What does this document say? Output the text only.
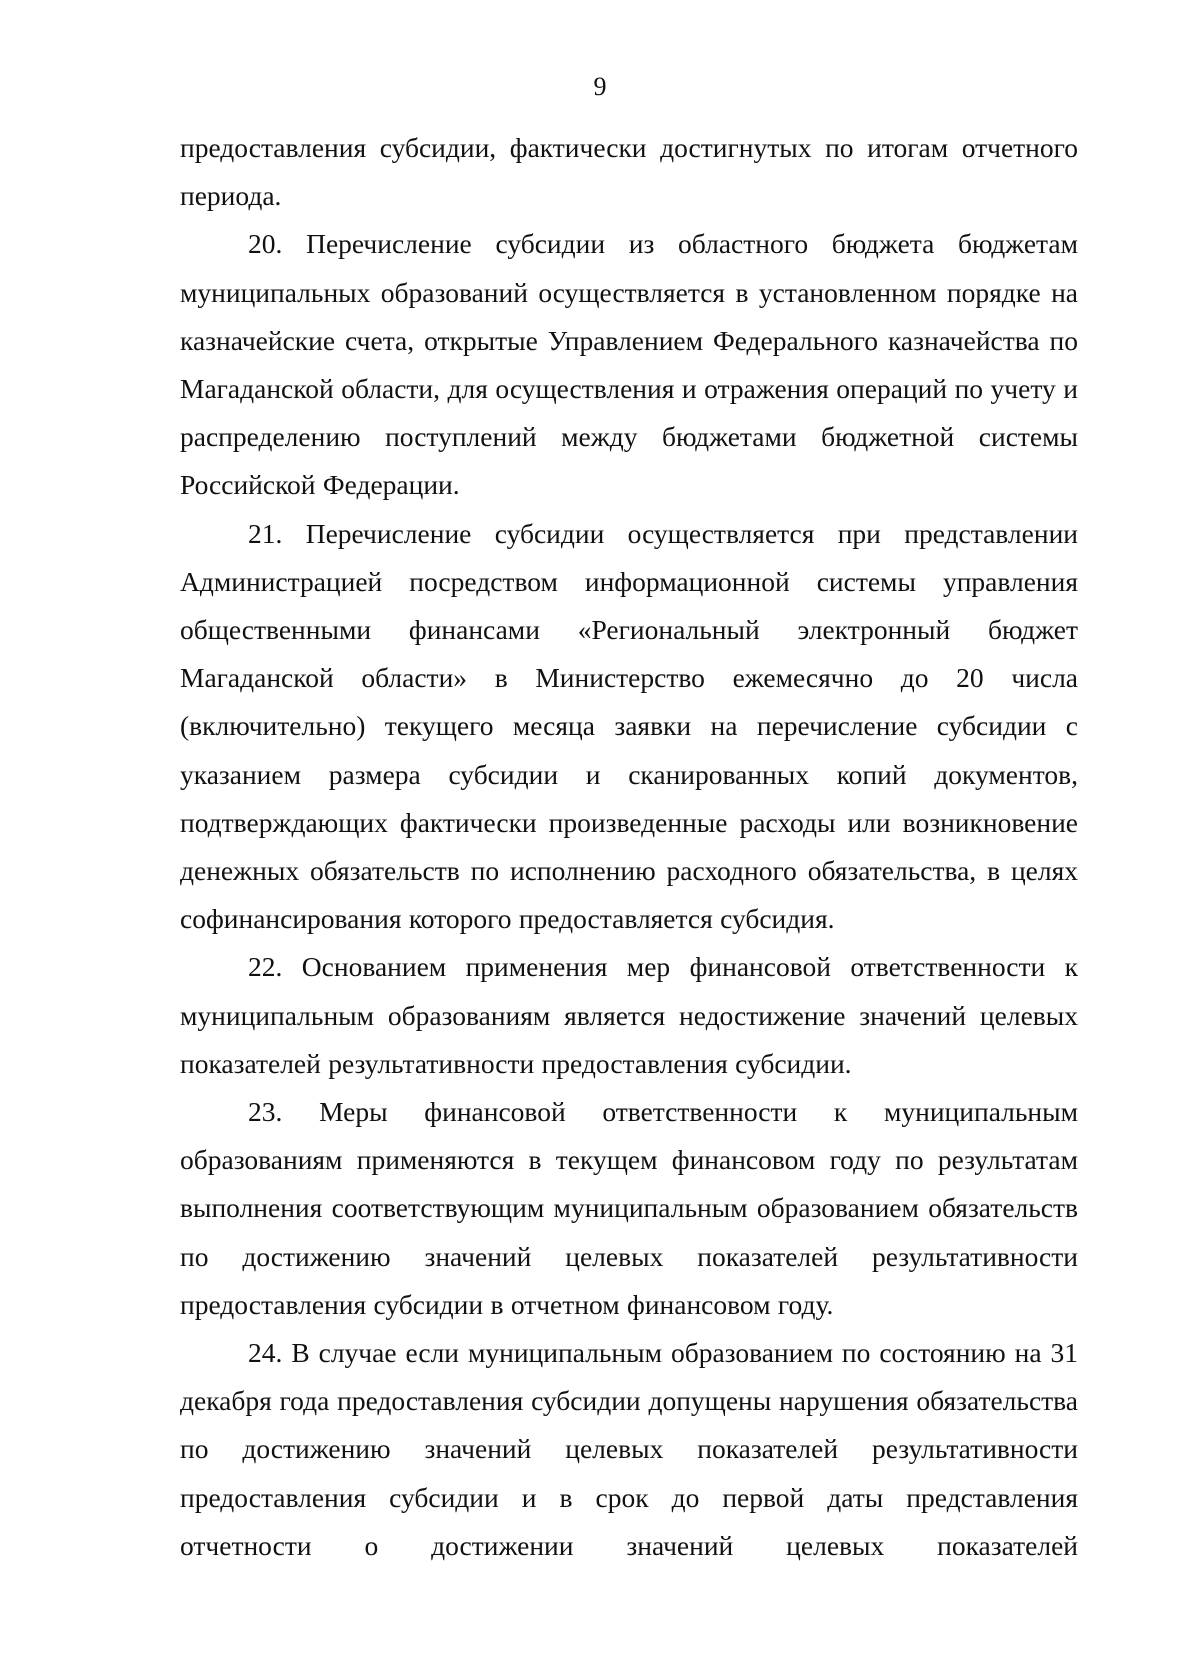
9

предоставления субсидии, фактически достигнутых по итогам отчетного периода.

20. Перечисление субсидии из областного бюджета бюджетам муниципальных образований осуществляется в установленном порядке на казначейские счета, открытые Управлением Федерального казначейства по Магаданской области, для осуществления и отражения операций по учету и распределению поступлений между бюджетами бюджетной системы Российской Федерации.

21. Перечисление субсидии осуществляется при представлении Администрацией посредством информационной системы управления общественными финансами «Региональный электронный бюджет Магаданской области» в Министерство ежемесячно до 20 числа (включительно) текущего месяца заявки на перечисление субсидии с указанием размера субсидии и сканированных копий документов, подтверждающих фактически произведенные расходы или возникновение денежных обязательств по исполнению расходного обязательства, в целях софинансирования которого предоставляется субсидия.

22. Основанием применения мер финансовой ответственности к муниципальным образованиям является недостижение значений целевых показателей результативности предоставления субсидии.

23. Меры финансовой ответственности к муниципальным образованиям применяются в текущем финансовом году по результатам выполнения соответствующим муниципальным образованием обязательств по достижению значений целевых показателей результативности предоставления субсидии в отчетном финансовом году.

24. В случае если муниципальным образованием по состоянию на 31 декабря года предоставления субсидии допущены нарушения обязательства по достижению значений целевых показателей результативности предоставления субсидии и в срок до первой даты представления отчетности о достижении значений целевых показателей
